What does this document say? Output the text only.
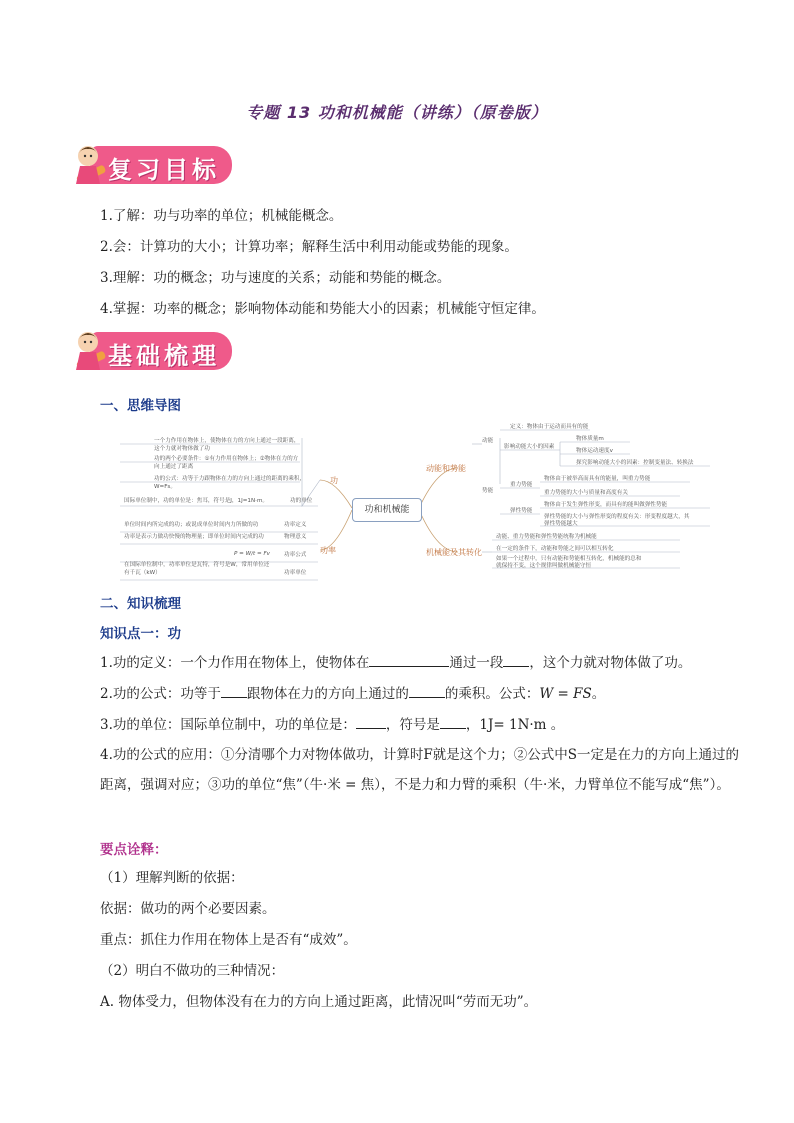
专题 13 功和机械能（讲练）（原卷版）
复习目标
1.了解：功与功率的单位；机械能概念。
2.会：计算功的大小；计算功率；解释生活中利用动能或势能的现象。
3.理解：功的概念；功与速度的关系；动能和势能的概念。
4.掌握：功率的概念；影响物体动能和势能大小的因素；机械能守恒定律。
基础梳理
一、思维导图
功和机械能
功
功率
动能和势能
机械能及其转化
一个力作用在物体上，使物体在力的方向上通过一段距离，
这个力就对物体做了功
功的两个必要条件：①有力作用在物体上；②物体在力的方
向上通过了距离
功的公式：功等于力跟物体在力的方向上通过的距离的乘积，
W=Fs。
国际单位制中，功的单位是：焦耳，符号是J，1J=1N·m。	功的单位
单位时间内所完成的功；或说成单位时间内力所做的功	功率定义
功率是表示力做功快慢的物理量；即单位时间内完成的功	物理意义
P = W/t = Fv	功率公式
在国际单位制中，功率单位是瓦特，符号是W，常用单位还
有千瓦（kW）	功率单位
动能
定义：物体由于运动而具有的能
影响动能大小的因素
物体质量m
物体运动速度v
探究影响动能大小的因素：控制变量法、转换法
势能
重力势能
物体由于被举高而具有的能量，叫重力势能
重力势能的大小与质量和高度有关
弹性势能
物体由于发生弹性形变，而具有的能叫做弹性势能
弹性势能的大小与弹性形变的程度有关：形变程度越大，其
弹性势能越大
动能、重力势能和弹性势能统称为机械能
在一定的条件下，动能和势能之间可以相互转化
如果一个过程中，只有动能和势能相互转化，机械能的总和
就保持不变，这个规律叫做机械能守恒
二、知识梳理
知识点一：功
1.功的定义：一个力作用在物体上，使物体在	通过一段 ，这个力就对物体做了功。
2.功的公式：功等于 跟物体在力的方向上通过的	的乘积。公式：W = FS。
3.功的单位：国际单位制中，功的单位是： ，符号是 ，1J= 1N·m 。
4.功的公式的应用：①分清哪个力对物体做功，计算时F就是这个力；②公式中S一定是在力的方向上通过的距离，强调对应；③功的单位“焦”（牛·米 = 焦），不是力和力臂的乘积（牛·米，力臂单位不能写成“焦”）。
要点诠释：
（1）理解判断的依据：
依据：做功的两个必要因素。
重点：抓住力作用在物体上是否有“成效”。
（2）明白不做功的三种情况：
A. 物体受力，但物体没有在力的方向上通过距离，此情况叫“劳而无功”。
